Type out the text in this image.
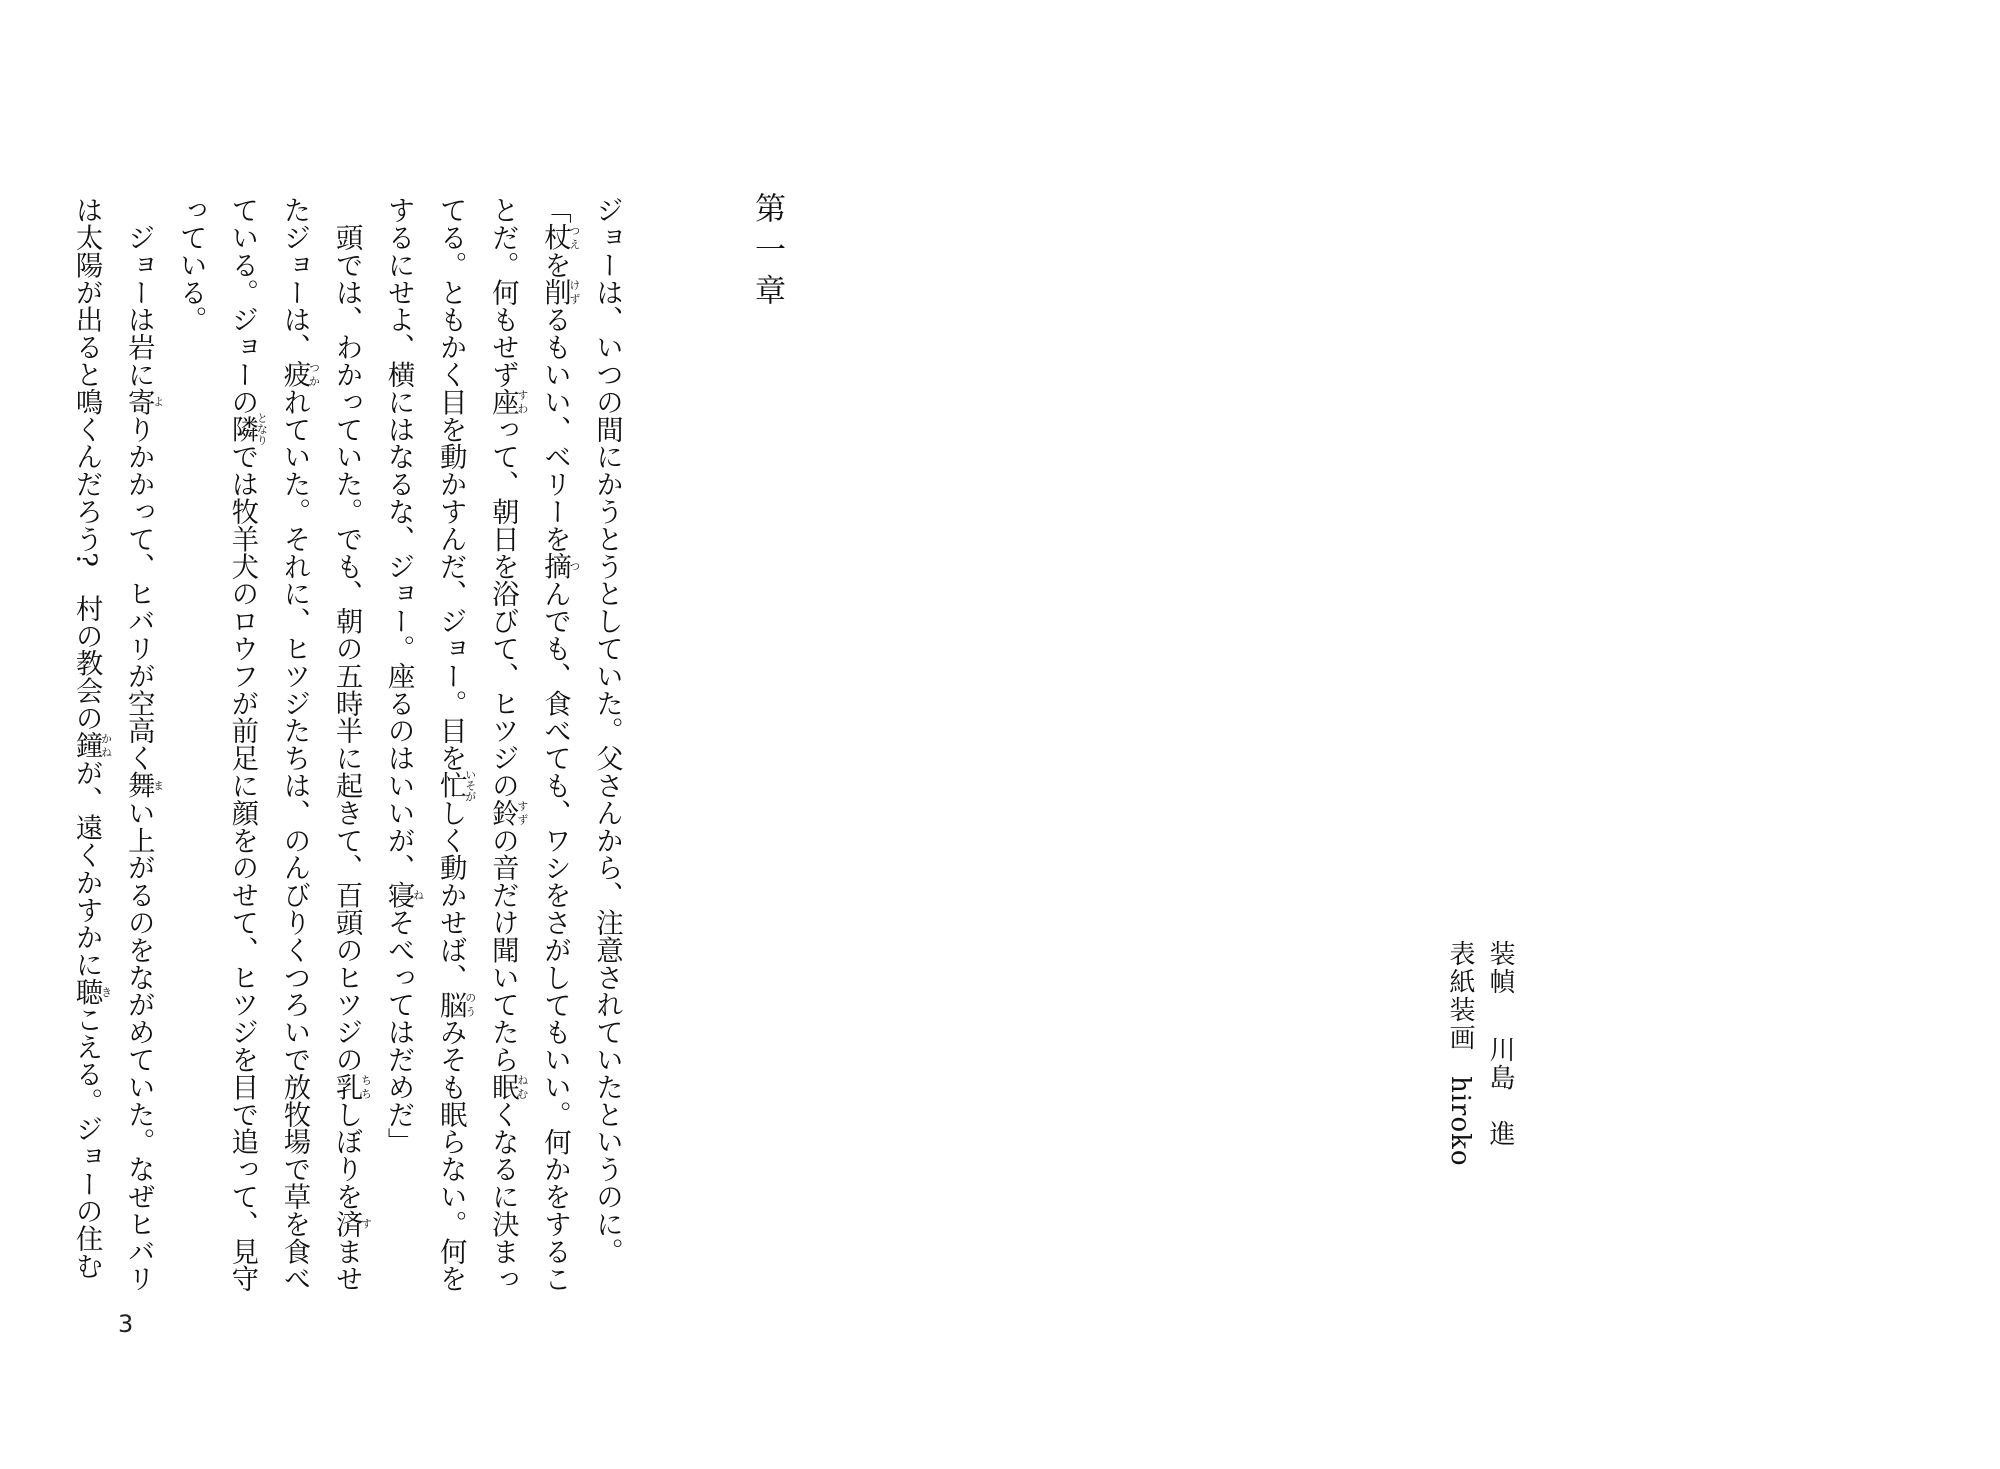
装幀川島　進
表紙装画hiroko
第一章
ジョーは、いつの間にかうとうとしていた。父さんから、注意されていたというのに。
「杖つえを削けずるもいい、ベリーを摘つんでも、食べても、ワシをさがしてもいい。何かをするこ
とだ。何もせず座すわって、朝日を浴びて、ヒツジの鈴すずの音だけ聞いてたら眠ねむくなるに決まっ
てる。ともかく目を動かすんだ、ジョー。目を忙いそがしく動かせば、脳のうみそも眠らない。何を
するにせよ、横にはなるな、ジョー。座るのはいいが、寝ねそべってはだめだ」
　頭では、わかっていた。でも、朝の五時半に起きて、百頭のヒツジの乳ちちしぼりを済すませ
たジョーは、疲つかれていた。それに、ヒツジたちは、のんびりくつろいで放牧場で草を食べ
ている。ジョーの隣となりでは牧羊犬のロウフが前足に顔をのせて、ヒツジを目で追って、見守
っている。
　ジョーは岩に寄よりかかって、ヒバリが空高く舞まい上がるのをながめていた。なぜヒバリ
は太陽が出ると鳴くんだろう?　村の教会の鐘かねが、遠くかすかに聴きこえる。ジョーの住む
3
